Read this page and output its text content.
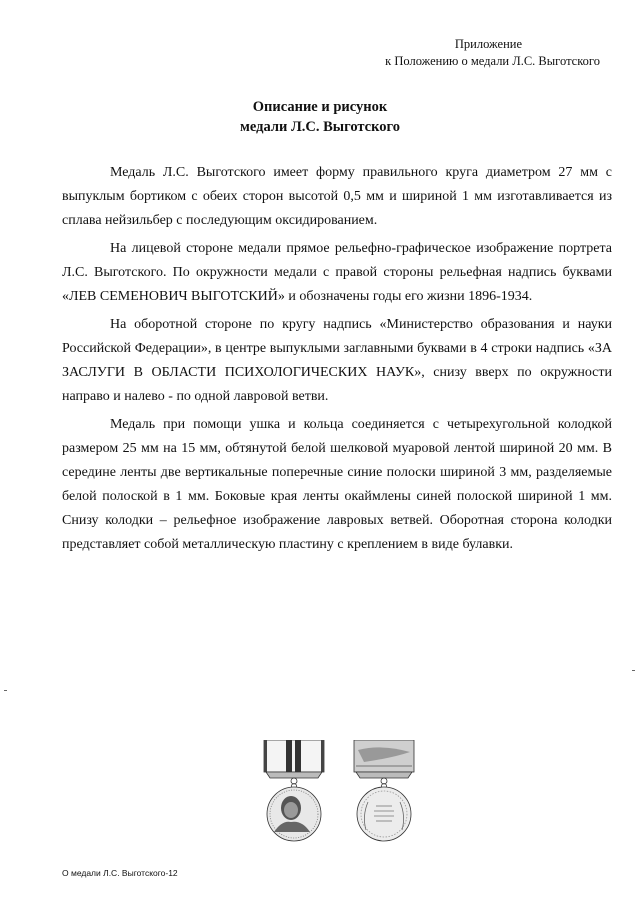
Приложение
к Положению о медали Л.С. Выготского
Описание и рисунок
медали Л.С. Выготского

Медаль Л.С. Выготского имеет форму правильного круга диаметром 27 мм с выпуклым бортиком с обеих сторон высотой 0,5 мм и шириной 1 мм изготавливается из сплава нейзильбер с последующим оксидированием.

На лицевой стороне медали прямое рельефно-графическое изображение портрета Л.С. Выготского. По окружности медали с правой стороны рельефная надпись буквами «ЛЕВ СЕМЕНОВИЧ ВЫГОТСКИЙ» и обозначены годы его жизни 1896-1934.

На оборотной стороне по кругу надпись «Министерство образования и науки Российской Федерации», в центре выпуклыми заглавными буквами в 4 строки надпись «ЗА ЗАСЛУГИ В ОБЛАСТИ ПСИХОЛОГИЧЕСКИХ НАУК», снизу вверх по окружности направо и налево - по одной лавровой ветви.

Медаль при помощи ушка и кольца соединяется с четырехугольной колодкой размером 25 мм на 15 мм, обтянутой белой шелковой муаровой лентой шириной 20 мм. В середине ленты две вертикальные поперечные синие полоски шириной 3 мм, разделяемые белой полоской в 1 мм. Боковые края ленты окаймлены синей полоской шириной 1 мм. Снизу колодки – рельефное изображение лавровых ветвей. Оборотная сторона колодки представляет собой металлическую пластину с креплением в виде булавки.

О медали Л.С. Выготского-12
